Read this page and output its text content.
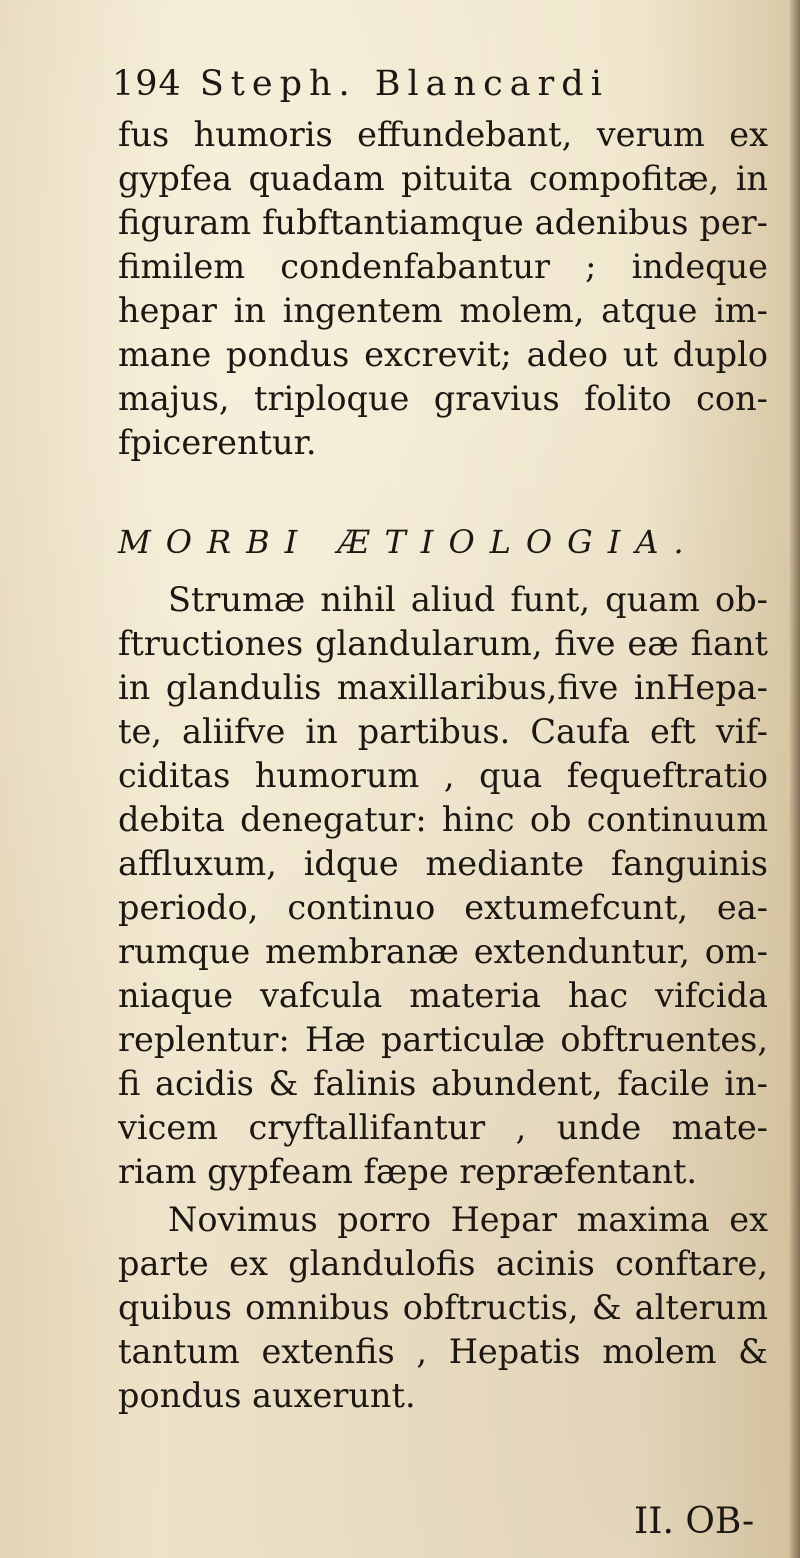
194 Steph. Blancardi
fus humoris effundebant, verum ex
gypfea quadam pituita compofitæ, in
figuram fubftantiamque adenibus per-
fimilem condenfabantur ; indeque
hepar in ingentem molem, atque im-
mane pondus excrevit; adeo ut duplo
majus, triploque gravius folito con-
fpicerentur.
MORBI ÆTIOLOGIA.
Strumæ nihil aliud funt, quam ob-
ftructiones glandularum, five eæ fiant
in glandulis maxillaribus,five inHepa-
te, aliifve in partibus. Caufa eft vif-
ciditas humorum , qua fequeftratio
debita denegatur: hinc ob continuum
affluxum, idque mediante fanguinis
periodo, continuo extumefcunt, ea-
rumque membranæ extenduntur, om-
niaque vafcula materia hac vifcida
replentur: Hæ particulæ obftruentes,
fi acidis & falinis abundent, facile in-
vicem cryftallifantur , unde mate-
riam gypfeam fæpe repræfentant.
Novimus porro Hepar maxima ex
parte ex glandulofis acinis conftare,
quibus omnibus obftructis, & alterum
tantum extenfis , Hepatis molem &
pondus auxerunt.
II. OB-
